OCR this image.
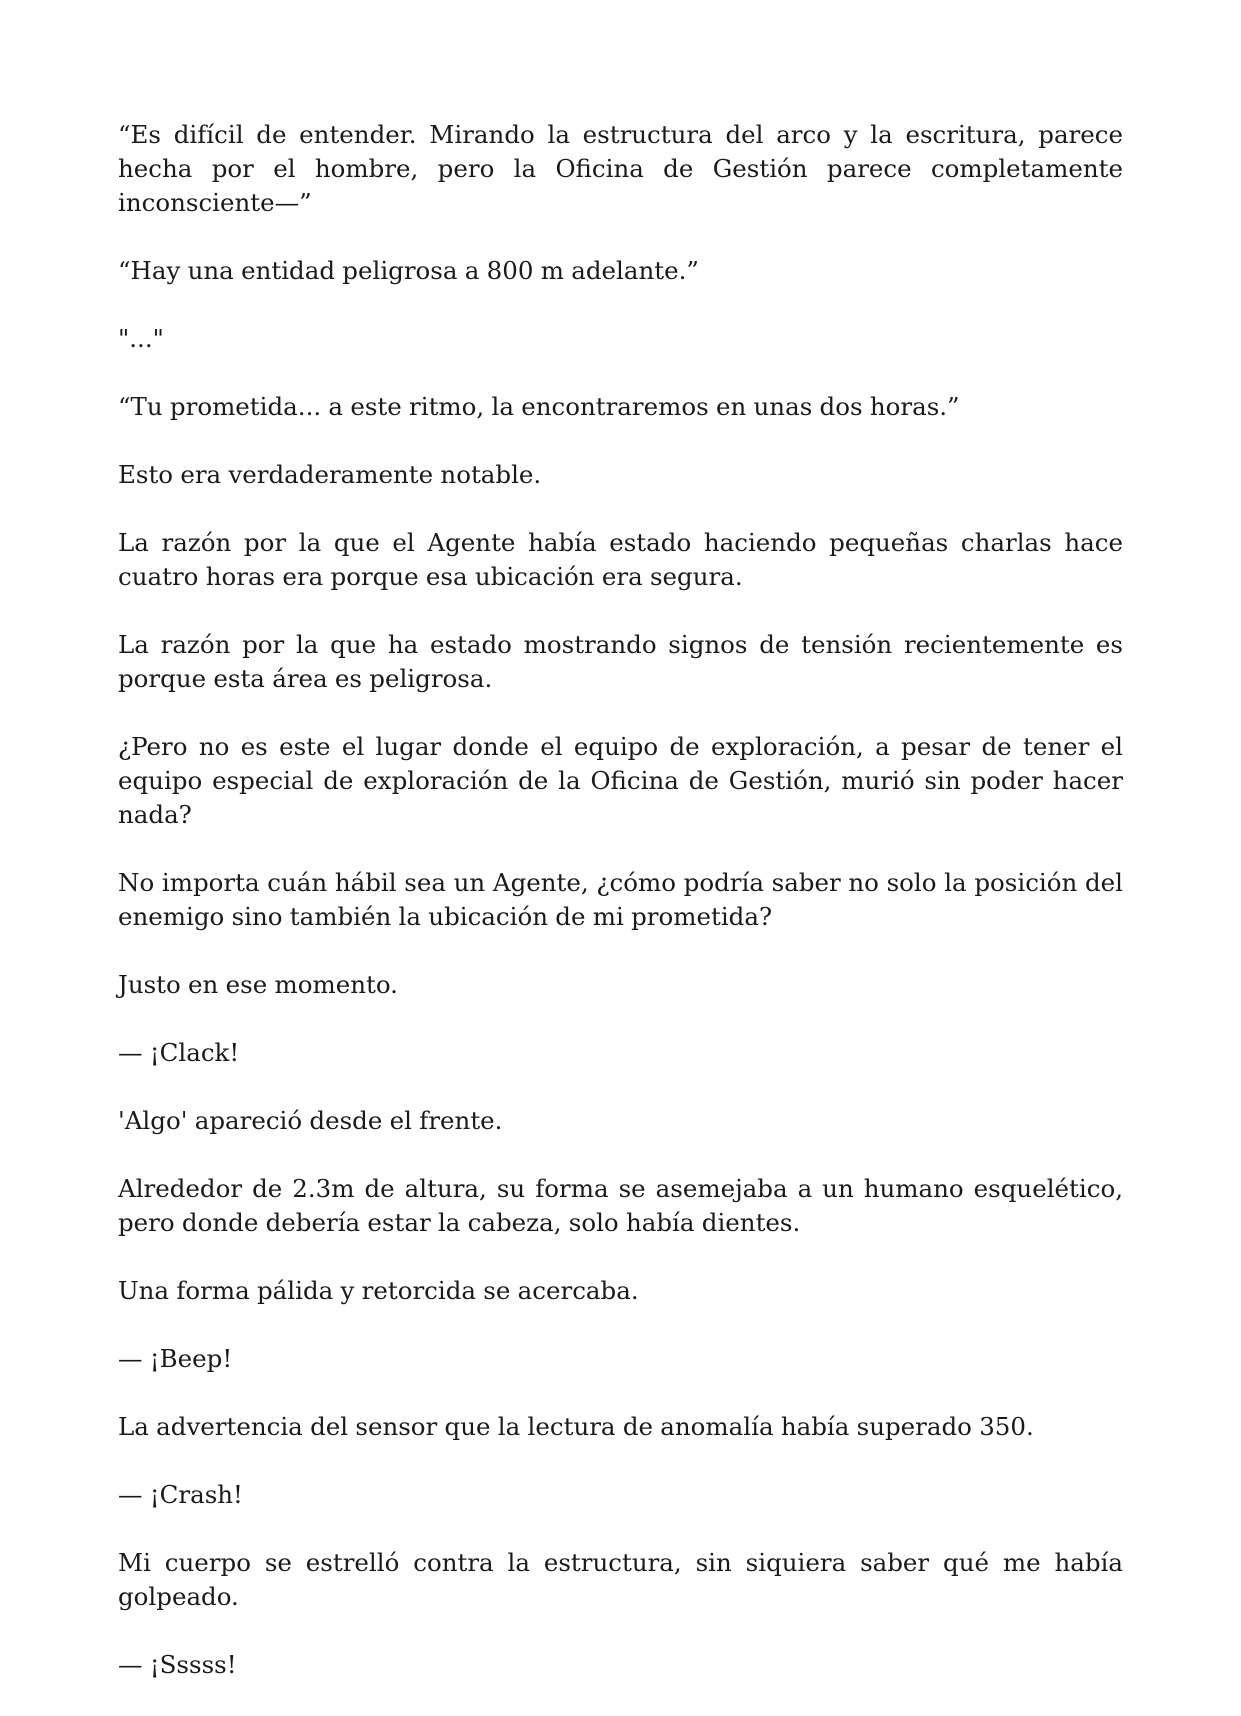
“Es difícil de entender. Mirando la estructura del arco y la escritura, parece hecha por el hombre, pero la Oficina de Gestión parece completamente inconsciente—”

“Hay una entidad peligrosa a 800 m adelante.”

"..."

“Tu prometida... a este ritmo, la encontraremos en unas dos horas.”

Esto era verdaderamente notable.

La razón por la que el Agente había estado haciendo pequeñas charlas hace cuatro horas era porque esa ubicación era segura.

La razón por la que ha estado mostrando signos de tensión recientemente es porque esta área es peligrosa.

¿Pero no es este el lugar donde el equipo de exploración, a pesar de tener el equipo especial de exploración de la Oficina de Gestión, murió sin poder hacer nada?

No importa cuán hábil sea un Agente, ¿cómo podría saber no solo la posición del enemigo sino también la ubicación de mi prometida?

Justo en ese momento.

— ¡Clack!

'Algo' apareció desde el frente.

Alrededor de 2.3m de altura, su forma se asemejaba a un humano esquelético, pero donde debería estar la cabeza, solo había dientes.

Una forma pálida y retorcida se acercaba.

— ¡Beep!

La advertencia del sensor que la lectura de anomalía había superado 350.

— ¡Crash!

Mi cuerpo se estrelló contra la estructura, sin siquiera saber qué me había golpeado.

— ¡Sssss!
